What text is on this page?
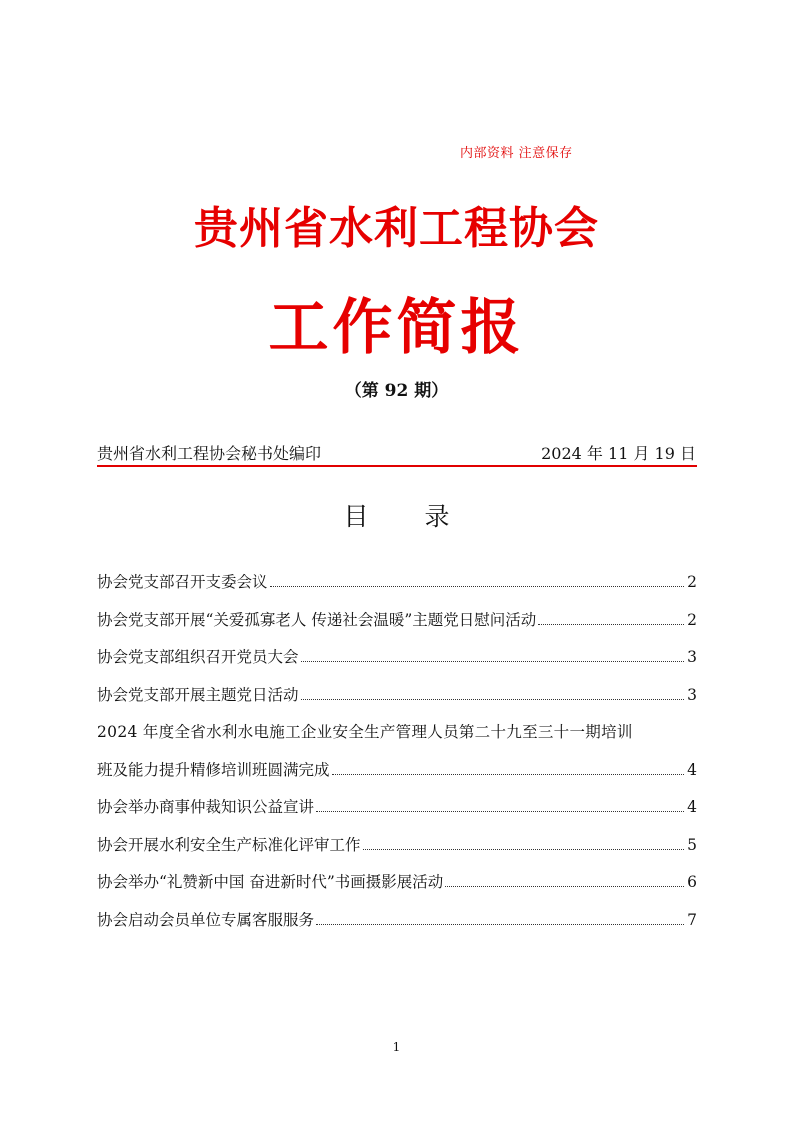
内部资料 注意保存
贵州省水利工程协会
工作简报
（第 92 期）
贵州省水利工程协会秘书处编印	2024 年 11 月 19 日
目 录
协会党支部召开支委会议	2
协会党支部开展“关爱孤寡老人 传递社会温暖”主题党日慰问活动	2
协会党支部组织召开党员大会	3
协会党支部开展主题党日活动	3
2024 年度全省水利水电施工企业安全生产管理人员第二十九至三十一期培训
班及能力提升精修培训班圆满完成	4
协会举办商事仲裁知识公益宣讲	4
协会开展水利安全生产标准化评审工作	5
协会举办“礼赞新中国 奋进新时代”书画摄影展活动	6
协会启动会员单位专属客服服务	7
1
